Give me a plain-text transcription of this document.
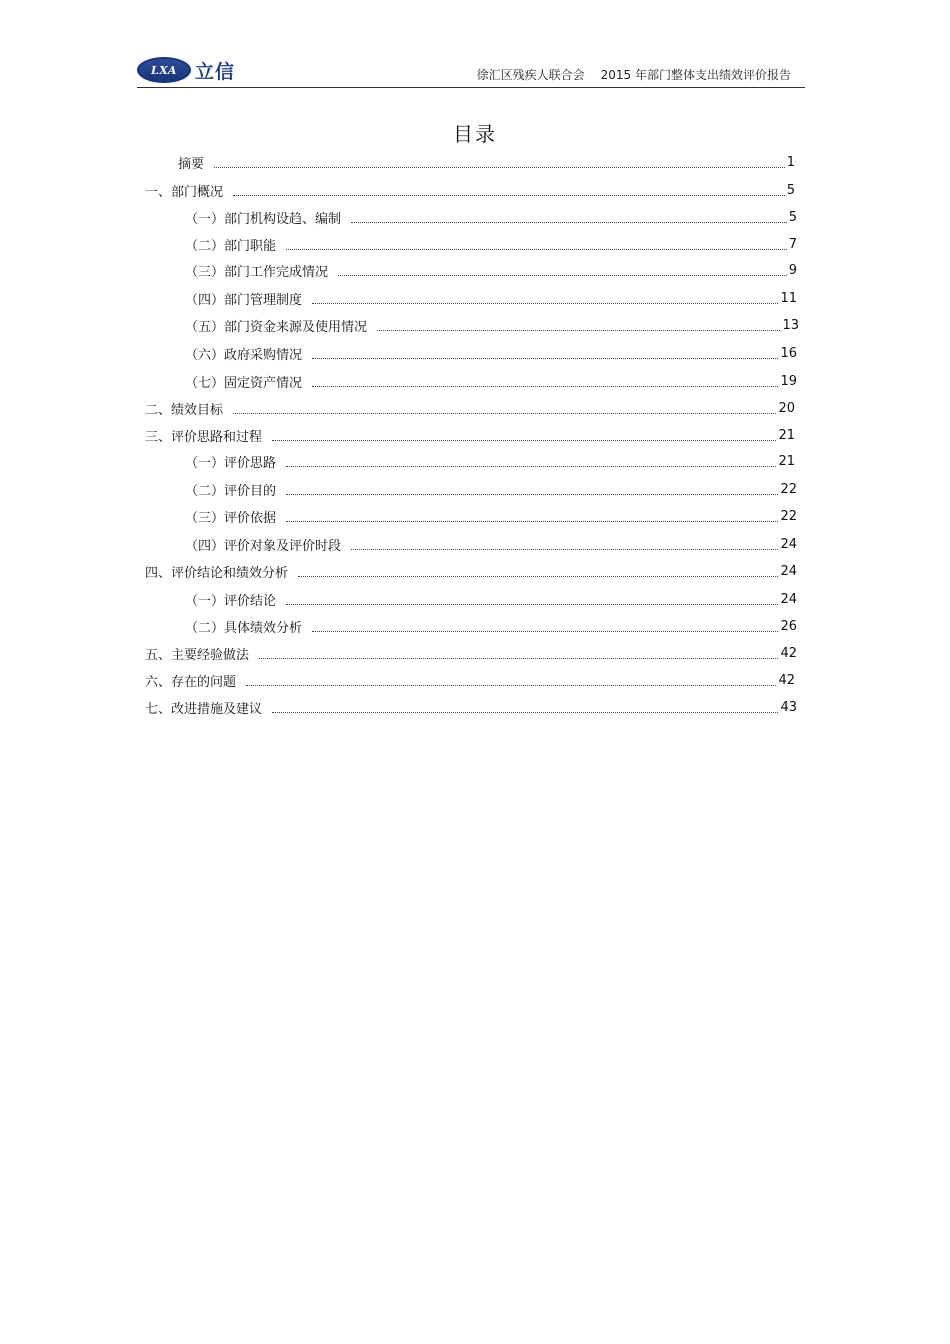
LXA 立信	徐汇区残疾人联合会 2015 年部门整体支出绩效评价报告
目录
摘要	1
一、部门概况	5
（一）部门机构设趋、编制	5
（二）部门职能	7
（三）部门工作完成情况	9
（四）部门管理制度	11
（五）部门资金来源及使用情况	13
（六）政府采购情况	16
（七）固定资产情况	19
二、绩效目标	20
三、评价思路和过程	21
（一）评价思路	21
（二）评价目的	22
（三）评价依据	22
（四）评价对象及评价时段	24
四、评价结论和绩效分析	24
（一）评价结论	24
（二）具体绩效分析	26
五、主要经验做法	42
六、存在的问题	42
七、改进措施及建议	43
